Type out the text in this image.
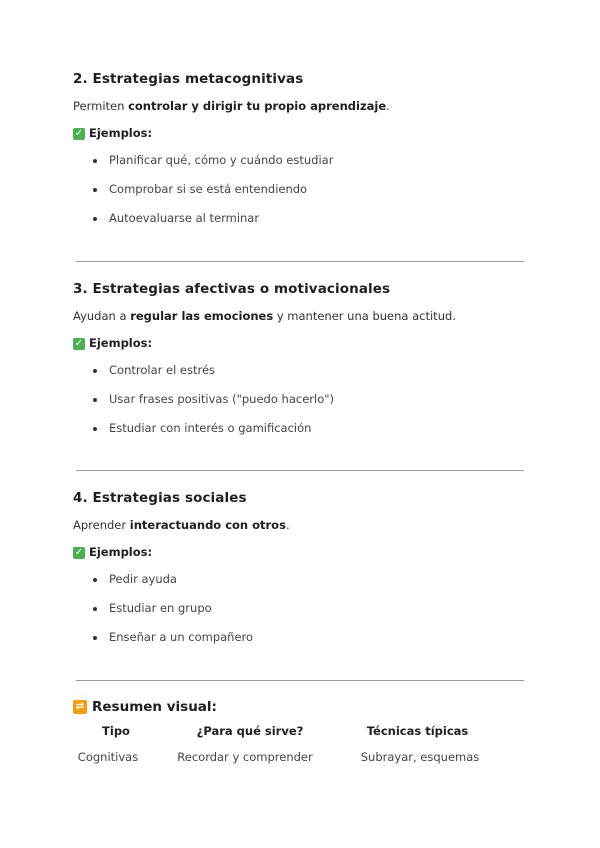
2. Estrategias metacognitivas

Permiten controlar y dirigir tu propio aprendizaje.

✓ Ejemplos:

Planificar qué, cómo y cuándo estudiar
Comprobar si se está entendiendo
Autoevaluarse al terminar
3. Estrategias afectivas o motivacionales

Ayudan a regular las emociones y mantener una buena actitud.

✓ Ejemplos:

Controlar el estrés
Usar frases positivas ("puedo hacerlo")
Estudiar con interés o gamificación
4. Estrategias sociales

Aprender interactuando con otros.

✓ Ejemplos:

Pedir ayuda
Estudiar en grupo
Enseñar a un compañero
⇄ Resumen visual:
Tipo	¿Para qué sirve?	Técnicas típicas
Cognitivas	Recordar y comprender	Subrayar, esquemas
